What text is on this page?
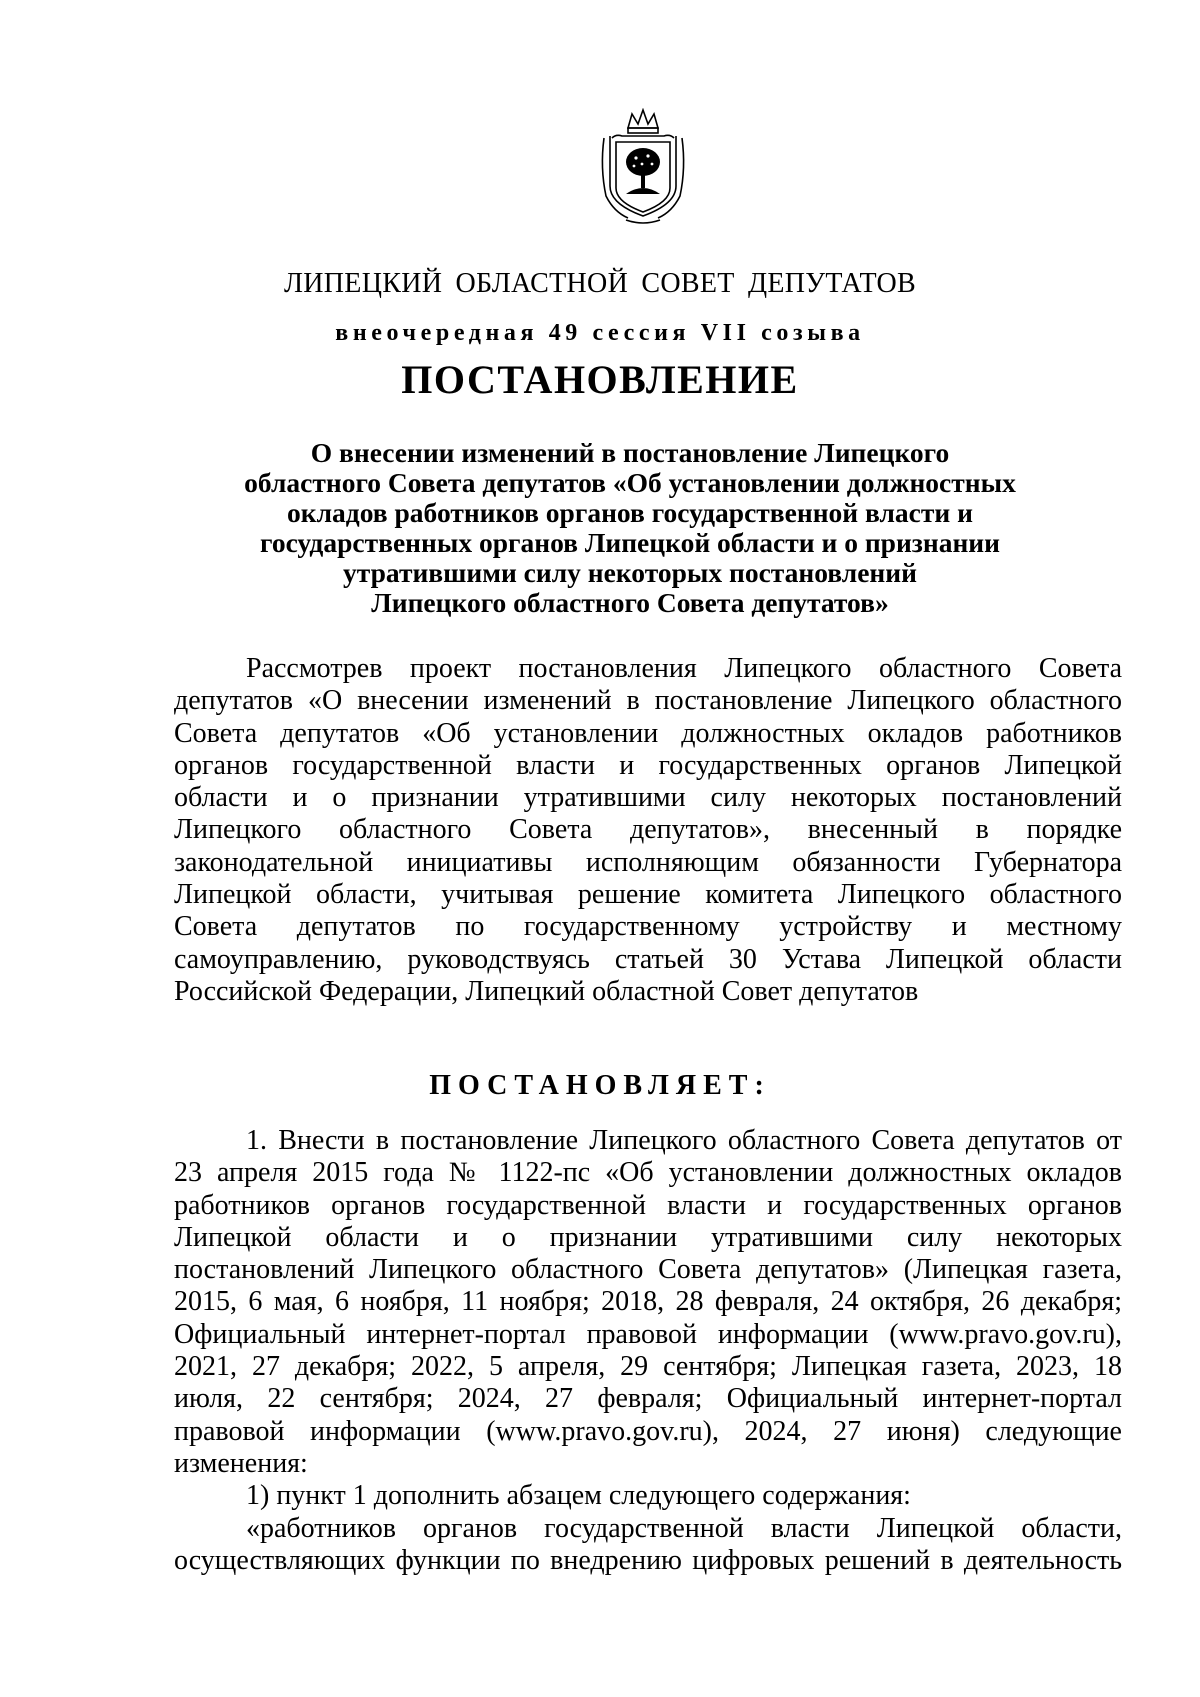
ЛИПЕЦКИЙ ОБЛАСТНОЙ СОВЕТ ДЕПУТАТОВ
внеочередная 49 сессия VII созыва
ПОСТАНОВЛЕНИЕ
О внесении изменений в постановление Липецкого
областного Совета депутатов «Об установлении должностных
окладов работников органов государственной власти и
государственных органов Липецкой области и о признании
утратившими силу некоторых постановлений
Липецкого областного Совета депутатов»
Рассмотрев проект постановления Липецкого областного Совета
депутатов «О внесении изменений в постановление Липецкого областного
Совета депутатов «Об установлении должностных окладов работников
органов государственной власти и государственных органов Липецкой
области и о признании утратившими силу некоторых постановлений
Липецкого областного Совета депутатов», внесенный в порядке
законодательной инициативы исполняющим обязанности Губернатора
Липецкой области, учитывая решение комитета Липецкого областного
Совета депутатов по государственному устройству и местному
самоуправлению, руководствуясь статьей 30 Устава Липецкой области
Российской Федерации, Липецкий областной Совет депутатов
ПОСТАНОВЛЯЕТ:
1. Внести в постановление Липецкого областного Совета депутатов от
23 апреля 2015 года № 1122-пс «Об установлении должностных окладов
работников органов государственной власти и государственных органов
Липецкой области и о признании утратившими силу некоторых
постановлений Липецкого областного Совета депутатов» (Липецкая газета,
2015, 6 мая, 6 ноября, 11 ноября; 2018, 28 февраля, 24 октября, 26 декабря;
Официальный интернет-портал правовой информации (www.pravo.gov.ru),
2021, 27 декабря; 2022, 5 апреля, 29 сентября; Липецкая газета, 2023, 18
июля, 22 сентября; 2024, 27 февраля; Официальный интернет-портал
правовой информации (www.pravo.gov.ru), 2024, 27 июня) следующие
изменения:
1) пункт 1 дополнить абзацем следующего содержания:
«работников органов государственной власти Липецкой области,
осуществляющих функции по внедрению цифровых решений в деятельность
